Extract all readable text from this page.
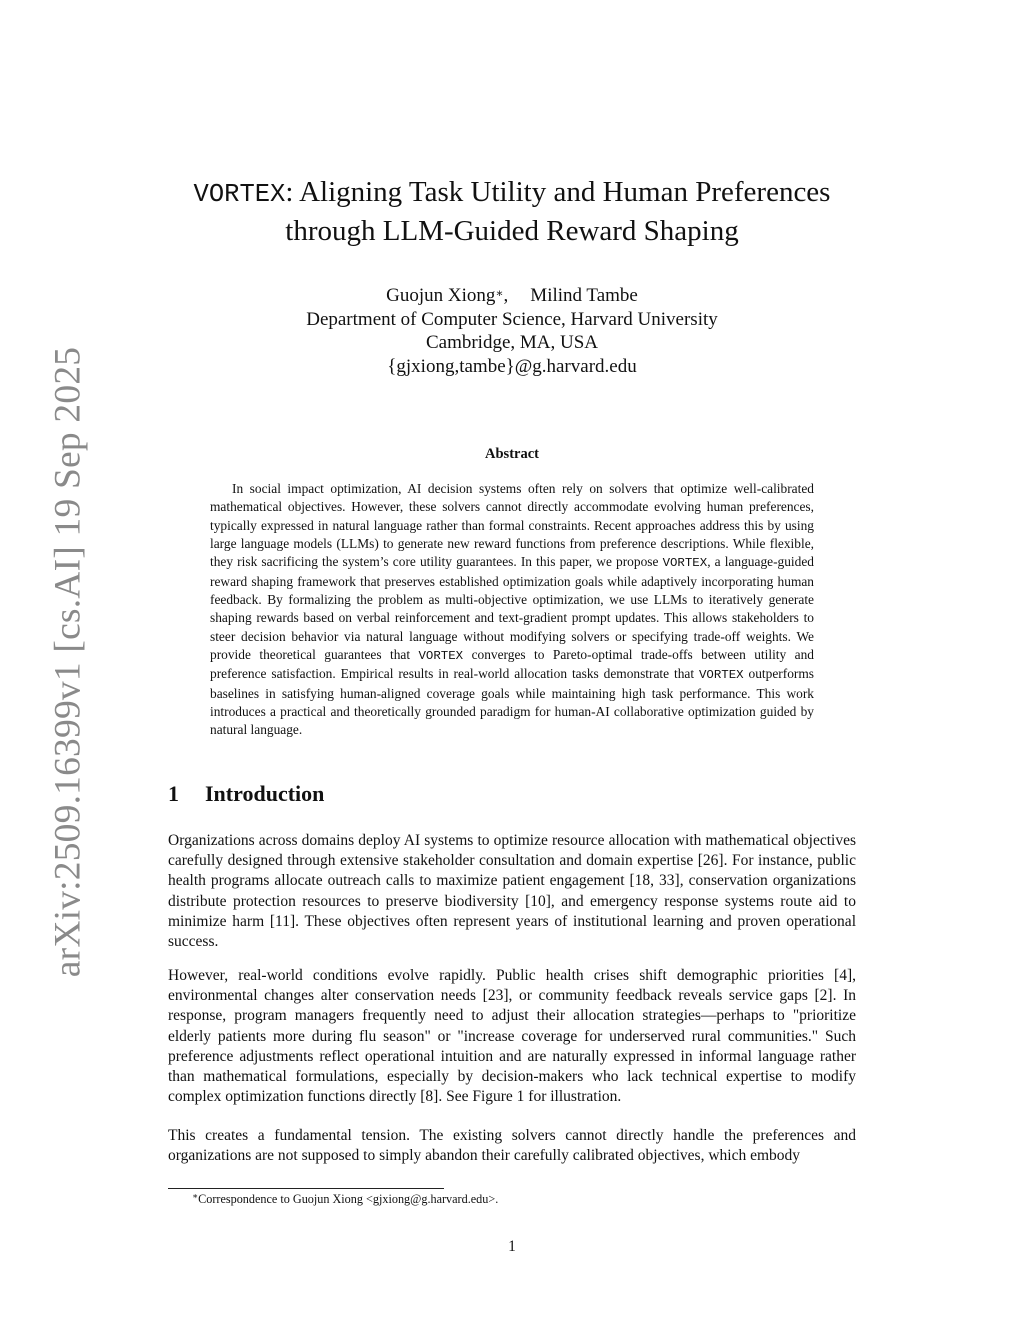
arXiv:2509.16399v1 [cs.AI] 19 Sep 2025
VORTEX: Aligning Task Utility and Human Preferences
through LLM-Guided Reward Shaping
Guojun Xiong∗, Milind Tambe
Department of Computer Science, Harvard University
Cambridge, MA, USA
{gjxiong,tambe}@g.harvard.edu
Abstract

In social impact optimization, AI decision systems often rely on solvers that optimize well-calibrated mathematical objectives. However, these solvers cannot directly accommodate evolving human preferences, typically expressed in natural language rather than formal constraints. Recent approaches address this by using large language models (LLMs) to generate new reward functions from preference descriptions. While flexible, they risk sacrificing the system’s core utility guarantees. In this paper, we propose VORTEX, a language-guided reward shaping framework that preserves established optimization goals while adaptively incorporating human feedback. By formalizing the problem as multi-objective optimization, we use LLMs to iteratively generate shaping rewards based on verbal reinforcement and text-gradient prompt updates. This allows stakeholders to steer decision behavior via natural language without modifying solvers or specifying trade-off weights. We provide theoretical guarantees that VORTEX converges to Pareto-optimal trade-offs between utility and preference satisfaction. Empirical results in real-world allocation tasks demonstrate that VORTEX outperforms baselines in satisfying human-aligned coverage goals while maintaining high task performance. This work introduces a practical and theoretically grounded paradigm for human-AI collaborative optimization guided by natural language.

1 Introduction

Organizations across domains deploy AI systems to optimize resource allocation with mathematical objectives carefully designed through extensive stakeholder consultation and domain expertise [26]. For instance, public health programs allocate outreach calls to maximize patient engagement [18, 33], conservation organizations distribute protection resources to preserve biodiversity [10], and emergency response systems route aid to minimize harm [11]. These objectives often represent years of institutional learning and proven operational success.

However, real-world conditions evolve rapidly. Public health crises shift demographic priorities [4], environmental changes alter conservation needs [23], or community feedback reveals service gaps [2]. In response, program managers frequently need to adjust their allocation strategies—perhaps to "prioritize elderly patients more during flu season" or "increase coverage for underserved rural communities." Such preference adjustments reflect operational intuition and are naturally expressed in informal language rather than mathematical formulations, especially by decision-makers who lack technical expertise to modify complex optimization functions directly [8]. See Figure 1 for illustration.

This creates a fundamental tension. The existing solvers cannot directly handle the preferences and organizations are not supposed to simply abandon their carefully calibrated objectives, which embody

∗Correspondence to Guojun Xiong <gjxiong@g.harvard.edu>.
1
